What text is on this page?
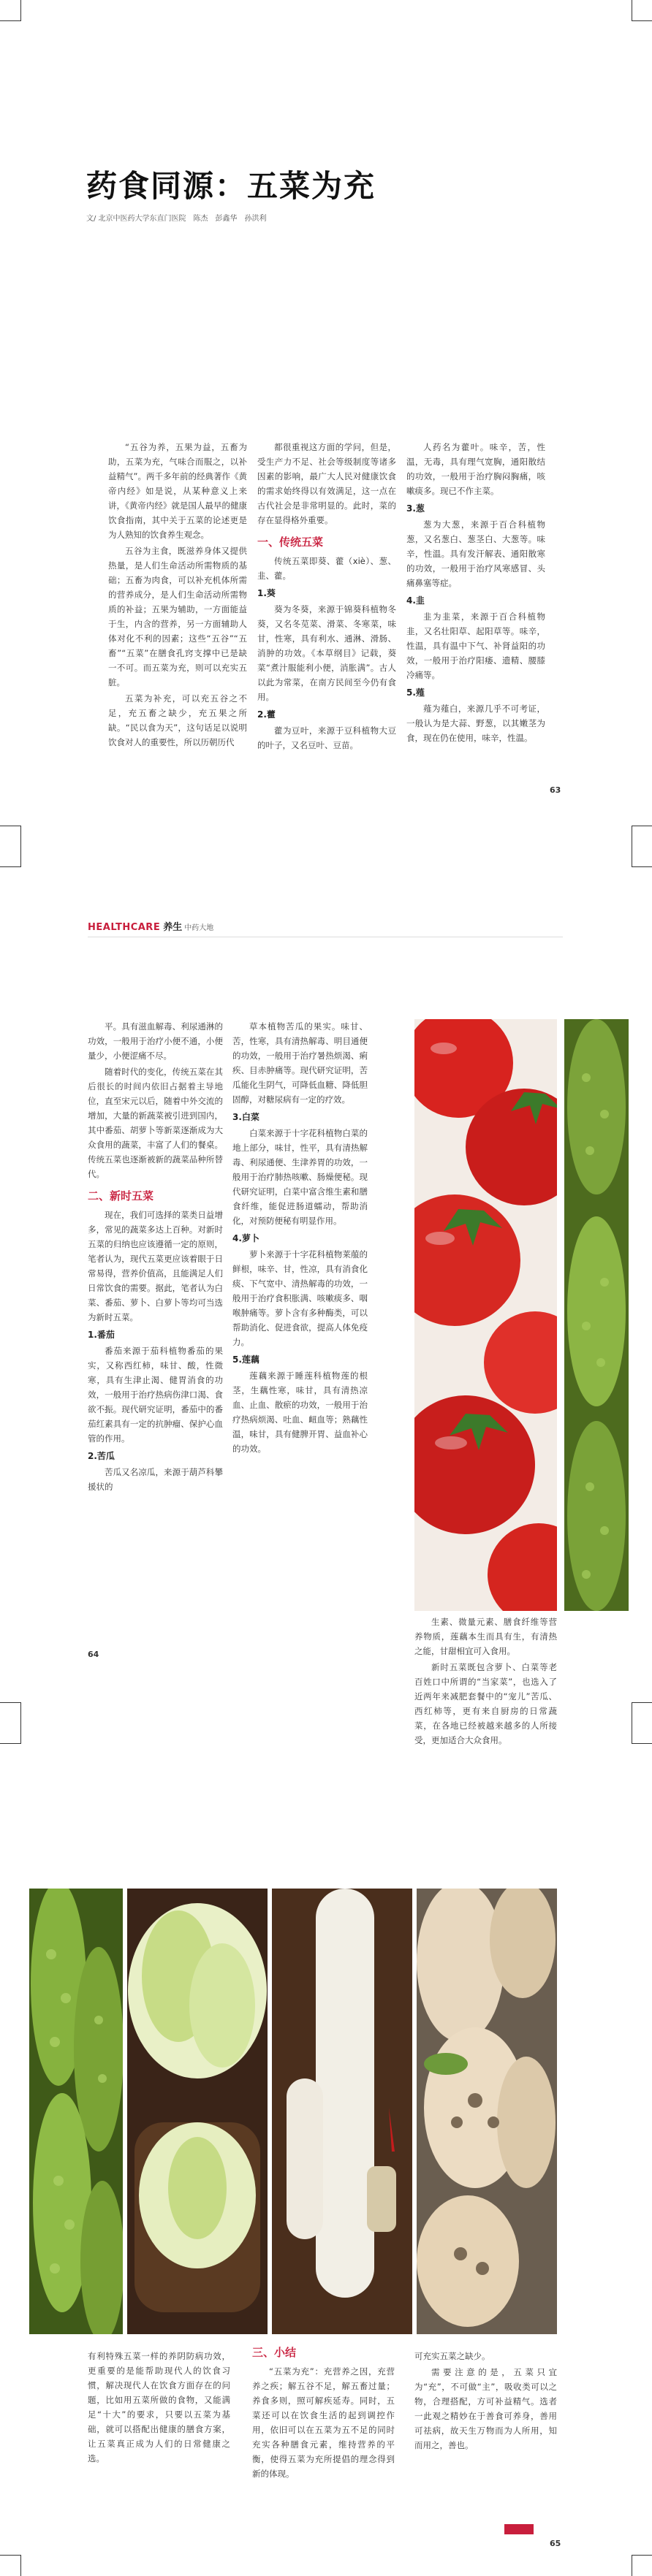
药食同源：五菜为充
文/ 北京中医药大学东直门医院　陈杰　彭鑫华　孙洪利

“五谷为养，五果为益，五畜为助，五菜为充，气味合而服之，以补益精气”。两千多年前的经典著作《黄帝内经》如是说，从某种意义上来讲，《黄帝内经》就是国人最早的健康饮食指南，其中关于五菜的论述更是为人熟知的饮食养生观念。

五谷为主食，既滋养身体又提供热量，是人们生命活动所需物质的基础；五畜为肉食，可以补充机体所需的营养成分，是人们生命活动所需物质的补益；五果为辅助，一方面能益于生，内含的营养，另一方面辅助人体对化不利的因素；这些“五谷”“五畜”“五菜”在膳食孔窍支撑中已是缺一不可。而五菜为充，则可以充实五脏。

五菜为补充，可以充五谷之不足，充五畜之缺少，充五果之所缺。“民以食为天”，这句话足以说明饮食对人的重要性，所以历朝历代

都很重视这方面的学问，但是，受生产力不足、社会等级制度等诸多因素的影响，最广大人民对健康饮食的需求始终得以有效满足，这一点在古代社会是非常明显的。此时，菜的存在显得格外重要。

一、传统五菜

传统五菜即葵、藿（xiè）、葱、韭、藿。

1.葵

葵为冬葵，来源于锦葵科植物冬葵，又名冬苋菜、滑菜、冬寒菜，味甘，性寒，具有利水、通淋、滑肠、消肿的功效。《本草纲目》记载，葵菜“煮汁服能利小便，消胀满”。古人以此为常菜，在南方民间至今仍有食用。

2.藿

藿为豆叶，来源于豆科植物大豆的叶子，又名豆叶、豆苗。

人药名为藿叶。味辛，苦，性温，无毒，具有理气宽胸，通阳散结的功效，一般用于治疗胸闷胸痛，咳嗽痰多。现已不作主菜。

3.葱

葱为大葱，来源于百合科植物葱，又名葱白、葱茎白、大葱等。味辛，性温。具有发汗解表、通阳散寒的功效，一般用于治疗风寒感冒、头痛鼻塞等症。

4.韭

韭为韭菜，来源于百合科植物韭，又名壮阳草、起阳草等。味辛，性温，具有温中下气、补肾益阳的功效，一般用于治疗阳痿、遗精、腰膝冷痛等。

5.薤

薤为薤白，来源几乎不可考证，一般认为是大蒜、野葱，以其嫩茎为食，现在仍在使用，味辛，性温。

63
HEALTHCARE 养生 中药大地

平。具有滋血解毒、利尿通淋的功效，一般用于治疗小便不通，小便量少，小便涩痛不尽。

随着时代的变化，传统五菜在其后很长的时间内依旧占据着主导地位，直至宋元以后，随着中外交流的增加，大量的新蔬菜被引进到国内，其中番茄、胡萝卜等新菜逐渐成为大众食用的蔬菜，丰富了人们的餐桌。传统五菜也逐渐被新的蔬菜品种所替代。

二、新时五菜

现在，我们可选择的菜类日益增多，常见的蔬菜多达上百种。对新时五菜的归纳也应该遵循一定的原则，笔者认为，现代五菜更应该着眼于日常易得，营养价值高，且能满足人们日常饮食的需要。据此，笔者认为白菜、番茄、萝卜、白萝卜等均可当选为新时五菜。

1.番茄

番茄来源于茄科植物番茄的果实，又称西红柿，味甘、酸，性微寒，具有生津止渴、健胃消食的功效，一般用于治疗热病伤津口渴、食欲不振。现代研究证明，番茄中的番茄红素具有一定的抗肿瘤、保护心血管的作用。

2.苦瓜

苦瓜又名凉瓜，来源于葫芦科攀援状的

草本植物苦瓜的果实。味甘、苦，性寒，具有清热解毒、明目通便的功效，一般用于治疗暑热烦渴、痢疾、目赤肿痛等。现代研究证明，苦瓜能化生阴气，可降低血糖、降低胆固醇，对糖尿病有一定的疗效。

3.白菜

白菜来源于十字花科植物白菜的地上部分，味甘，性平，具有清热解毒、利尿通便、生津养胃的功效，一般用于治疗肺热咳嗽、肠燥便秘。现代研究证明，白菜中富含维生素和膳食纤维，能促进肠道蠕动，帮助消化，对预防便秘有明显作用。

4.萝卜

萝卜来源于十字花科植物莱菔的鲜根，味辛、甘，性凉，具有消食化痰、下气宽中、清热解毒的功效，一般用于治疗食积胀满、咳嗽痰多、咽喉肿痛等。萝卜含有多种酶类，可以帮助消化、促进食欲，提高人体免疫力。

5.莲藕

莲藕来源于睡莲科植物莲的根茎，生藕性寒，味甘，具有清热凉血、止血、散瘀的功效，一般用于治疗热病烦渴、吐血、衄血等；熟藕性温，味甘，具有健脾开胃、益血补心的功效。

生素、微量元素、膳食纤维等营养物质，莲藕本生而具有生，有清热之能，甘甜相宜可入食用。

新时五菜既包含萝卜、白菜等老百姓口中所谓的“当家菜”，也选入了近两年来减肥套餐中的“宠儿”苦瓜、西红柿等，更有来自厨房的日常蔬菜，在各地已经被越来越多的人所接受，更加适合大众食用。

64

有利特殊五菜一样的养阴防病功效，更重要的是能帮助现代人的饮食习惯，解决现代人在饮食方面存在的问题，比如用五菜所做的食物，又能满足“十大”的要求，只要以五菜为基础，就可以搭配出健康的膳食方案，让五菜真正成为人们的日常健康之选。

三、小结

“五菜为充”：充营养之因，充营养之疾；解五谷不足，解五畜过量；养食多则，照可解疾延寿。同时，五菜还可以在饮食生活的起到调控作用，依旧可以在五菜为五不足的同时充实各种膳食元素，维持营养的平衡，使得五菜为充所提倡的理念得到新的体现。

可充实五菜之缺少。

需要注意的是，五菜只宜为“充”，不可做“主”，吸收类可以之物，合理搭配，方可补益精气。选者一此观之精妙在于善食可养身，善用可祛病，故天生万物而为人所用，知而用之，善也。

65
